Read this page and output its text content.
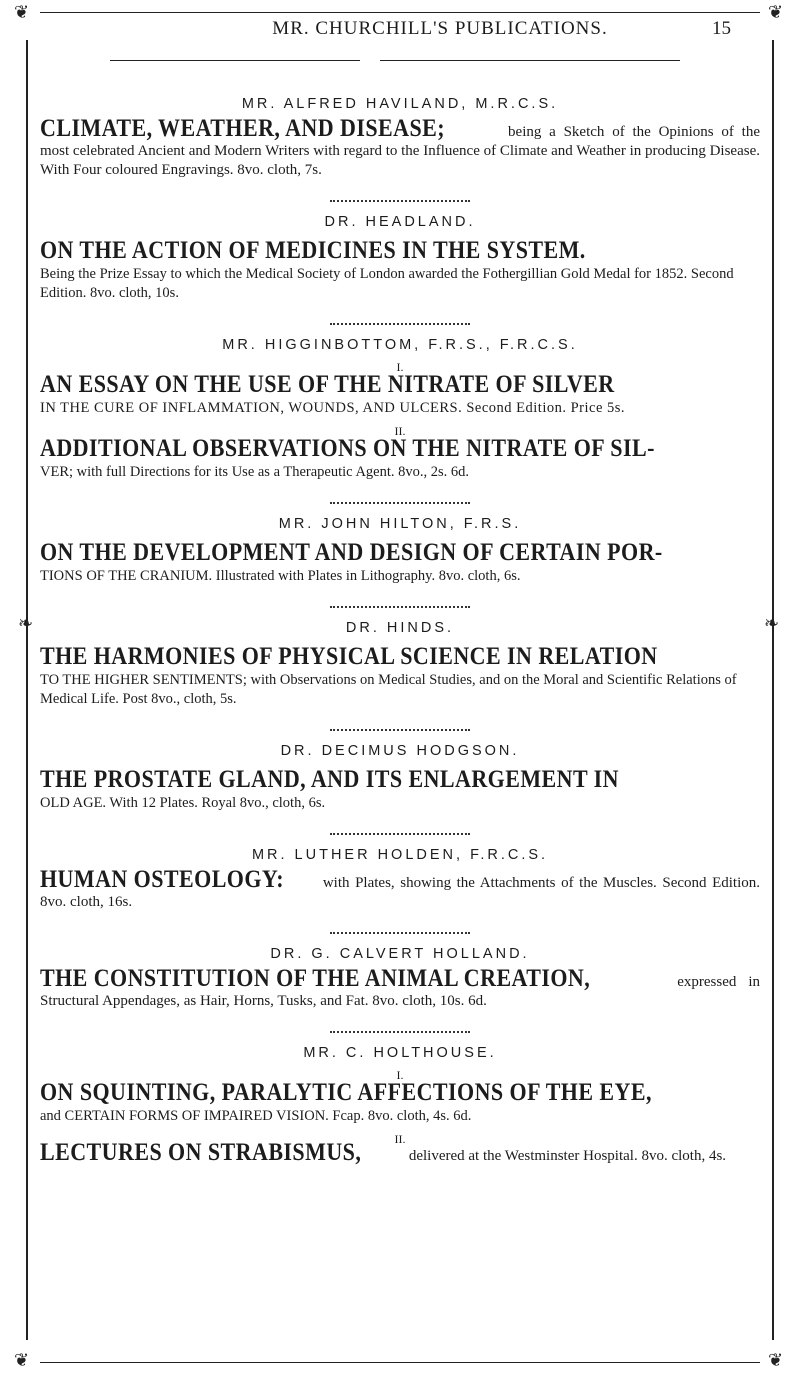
❦	❦
MR. CHURCHILL'S PUBLICATIONS.	15
❧	❧
❦	❦
MR. ALFRED HAVILAND, M.R.C.S.

CLIMATE, WEATHER, AND DISEASE;	being a Sketch of the Opinions of the most celebrated Ancient and Modern Writers with regard to the Influence of Climate and Weather in producing Disease. With Four coloured Engravings. 8vo. cloth, 7s.

DR. HEADLAND.
ON THE ACTION OF MEDICINES IN THE SYSTEM.

Being the Prize Essay to which the Medical Society of London awarded the Fothergillian Gold Medal for 1852. Second Edition. 8vo. cloth, 10s.

MR. HIGGINBOTTOM, F.R.S., F.R.C.S.
I.
AN ESSAY ON THE USE OF THE NITRATE OF SILVER

IN THE CURE OF INFLAMMATION, WOUNDS, AND ULCERS. Second Edition. Price 5s.

II.
ADDITIONAL OBSERVATIONS ON THE NITRATE OF SIL-

VER; with full Directions for its Use as a Therapeutic Agent. 8vo., 2s. 6d.

MR. JOHN HILTON, F.R.S.
ON THE DEVELOPMENT AND DESIGN OF CERTAIN POR-

TIONS OF THE CRANIUM. Illustrated with Plates in Lithography. 8vo. cloth, 6s.

DR. HINDS.
THE HARMONIES OF PHYSICAL SCIENCE IN RELATION

TO THE HIGHER SENTIMENTS; with Observations on Medical Studies, and on the Moral and Scientific Relations of Medical Life. Post 8vo., cloth, 5s.

DR. DECIMUS HODGSON.
THE PROSTATE GLAND, AND ITS ENLARGEMENT IN

OLD AGE. With 12 Plates. Royal 8vo., cloth, 6s.

MR. LUTHER HOLDEN, F.R.C.S.

HUMAN OSTEOLOGY:	with Plates, showing the Attachments of the Muscles. Second Edition. 8vo. cloth, 16s.

DR. G. CALVERT HOLLAND.

THE CONSTITUTION OF THE ANIMAL CREATION,	expressed in Structural Appendages, as Hair, Horns, Tusks, and Fat. 8vo. cloth, 10s. 6d.

MR. C. HOLTHOUSE.
I.
ON SQUINTING, PARALYTIC AFFECTIONS OF THE EYE,

and CERTAIN FORMS OF IMPAIRED VISION. Fcap. 8vo. cloth, 4s. 6d.

II.

LECTURES ON STRABISMUS,	delivered at the Westminster Hospital. 8vo. cloth, 4s.
